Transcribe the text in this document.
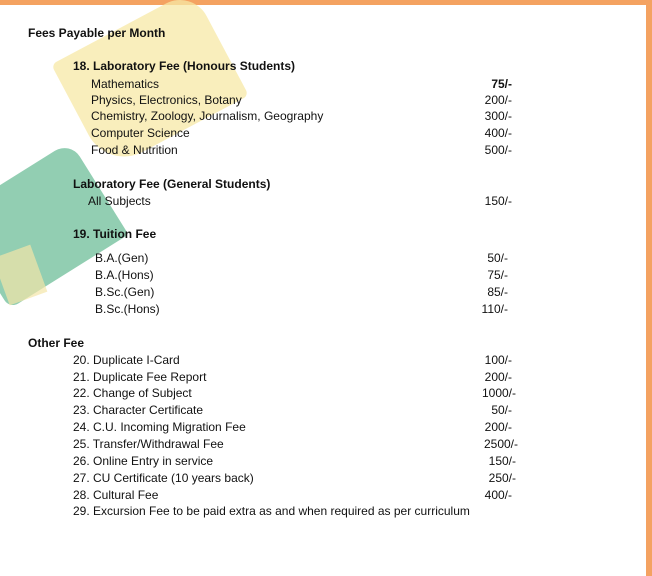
Fees Payable per Month
18. Laboratory Fee (Honours Students)
Mathematics	75/-
Physics, Electronics, Botany	200/-
Chemistry, Zoology, Journalism, Geography	300/-
Computer Science	400/-
Food & Nutrition	500/-
Laboratory Fee (General Students)
All Subjects	150/-
19. Tuition Fee
B.A.(Gen)	50/-
B.A.(Hons)	75/-
B.Sc.(Gen)	85/-
B.Sc.(Hons)	110/-
Other Fee
20. Duplicate I-Card	100/-
21. Duplicate Fee Report	200/-
22. Change of Subject	1000/-
23. Character Certificate	50/-
24. C.U. Incoming Migration Fee	200/-
25. Transfer/Withdrawal Fee	2500/-
26. Online Entry in service	150/-
27. CU Certificate (10 years back)	250/-
28. Cultural Fee	400/-
29. Excursion Fee to be paid extra as and when required as per curriculum
